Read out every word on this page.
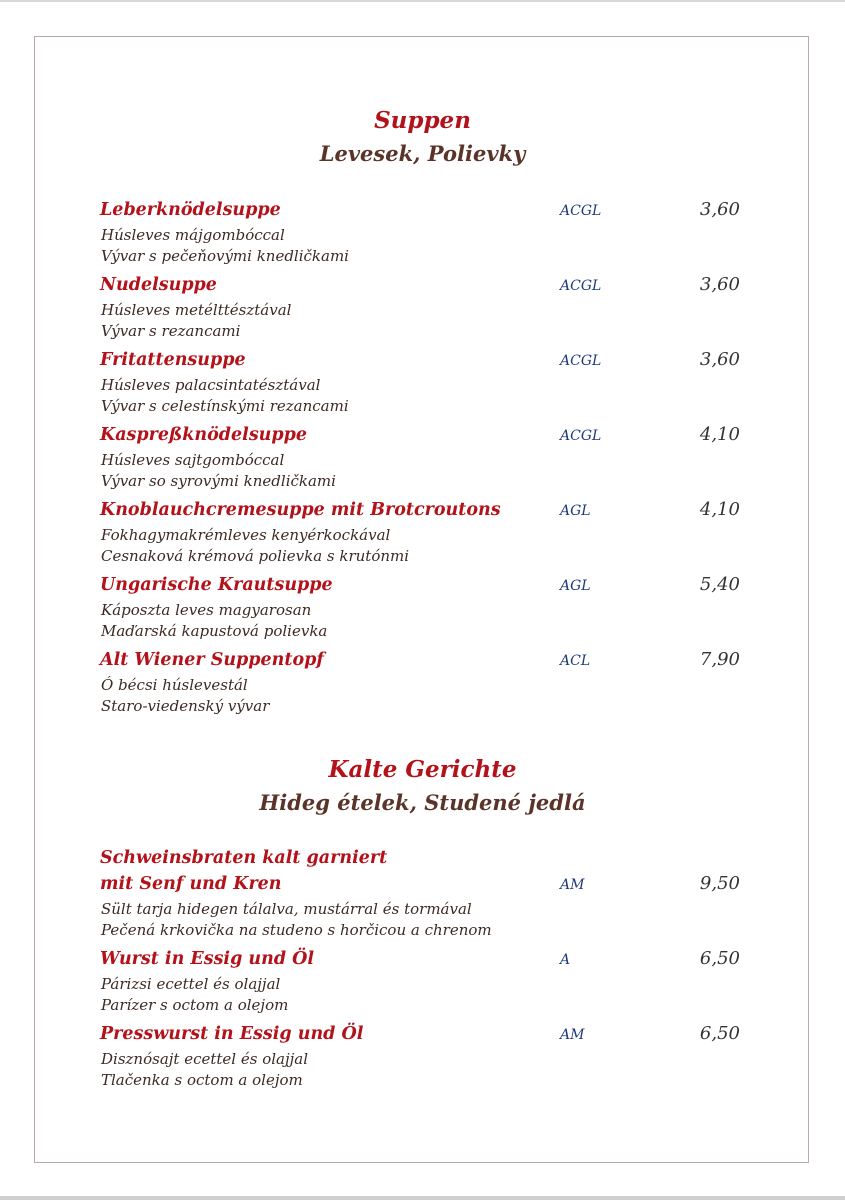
Suppen
Levesek, Polievky
Leberknödelsuppe	ACGL	3,60
Húsleves májgombóccal
Vývar s pečeňovými knedličkami
Nudelsuppe	ACGL	3,60
Húsleves metélttésztával
Vývar s rezancami
Fritattensuppe	ACGL	3,60
Húsleves palacsintatésztával
Vývar s celestínskými rezancami
Kaspreßknödelsuppe	ACGL	4,10
Húsleves sajtgombóccal
Vývar so syrovými knedličkami
Knoblauchcremesuppe mit Brotcroutons	AGL	4,10
Fokhagymakrémleves kenyérkockával
Cesnaková krémová polievka s krutónmi
Ungarische Krautsuppe	AGL	5,40
Káposzta leves magyarosan
Maďarská kapustová polievka
Alt Wiener Suppentopf	ACL	7,90
Ó bécsi húslevestál
Staro-viedenský vývar
Kalte Gerichte
Hideg ételek, Studené jedlá
Schweinsbraten kalt garniert
mit Senf und Kren	AM	9,50
Sült tarja hidegen tálalva, mustárral és tormával
Pečená krkovička na studeno s horčicou a chrenom
Wurst in Essig und Öl	A	6,50
Párizsi ecettel és olajjal
Parízer s octom a olejom
Presswurst in Essig und Öl	AM	6,50
Disznósajt ecettel és olajjal
Tlačenka s octom a olejom
